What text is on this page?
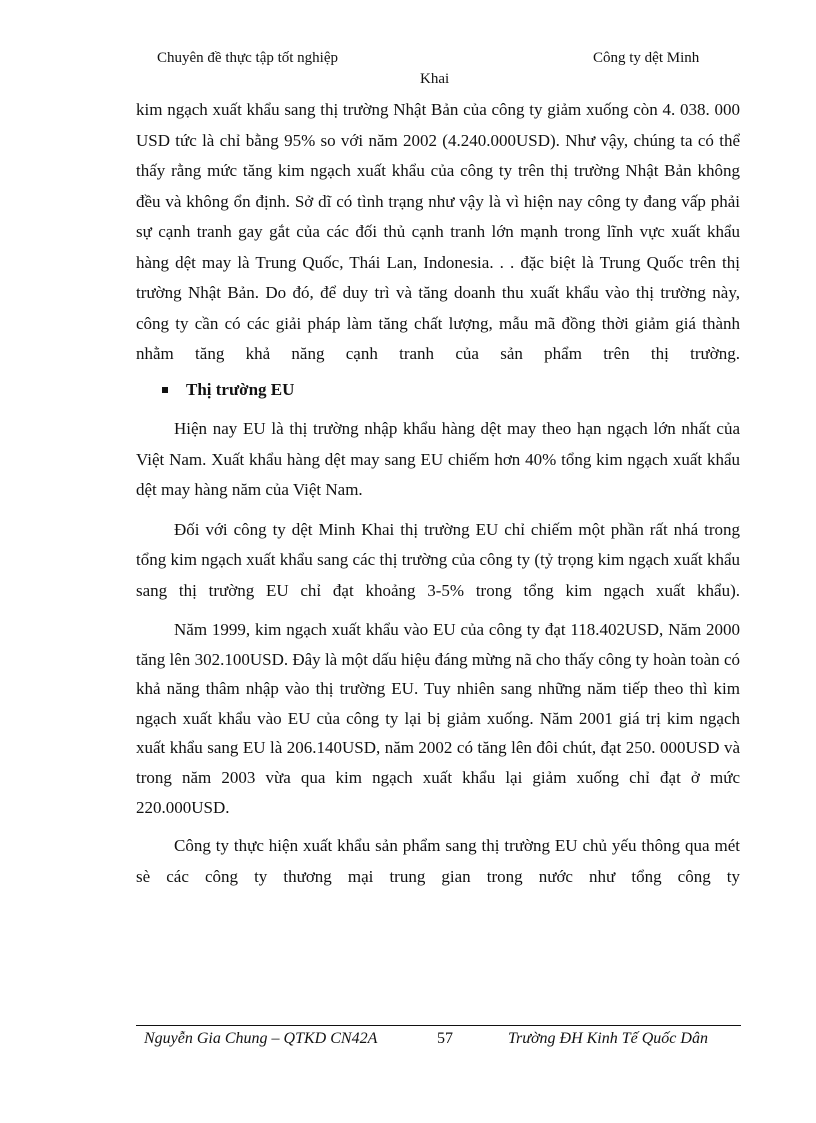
Chuyên đề thực tập tốt nghiệp	Công ty dệt Minh
Khai

kim ngạch xuất khẩu sang thị trường Nhật Bản của công ty giảm xuống còn 4. 038. 000 USD tức là chỉ bằng 95% so với năm 2002 (4.240.000USD). Như vậy, chúng ta có thể thấy rằng mức tăng kim ngạch xuất khẩu của công ty trên thị trường Nhật Bản không đều và không ổn định. Sở dĩ có tình trạng như vậy là vì hiện nay công ty đang vấp phải sự cạnh tranh gay gắt của các đối thủ cạnh tranh lớn mạnh trong lĩnh vực xuất khẩu hàng dệt may là Trung Quốc, Thái Lan, Indonesia. . . đặc biệt là Trung Quốc trên thị trường Nhật Bản. Do đó, để duy trì và tăng doanh thu xuất khẩu vào thị trường này, công ty cần có các giải pháp làm tăng chất lượng, mẫu mã đồng thời giảm giá thành nhằm tăng khả năng cạnh tranh của sản phẩm trên thị trường.

Thị trường EU

Hiện nay EU là thị trường nhập khẩu hàng dệt may theo hạn ngạch lớn nhất của Việt Nam. Xuất khẩu hàng dệt may sang EU chiếm hơn 40% tổng kim ngạch xuất khẩu dệt may hàng năm của Việt Nam.

Đối với công ty dệt Minh Khai thị trường EU chỉ chiếm một phần rất nhá trong tổng kim ngạch xuất khẩu sang các thị trường của công ty (tỷ trọng kim ngạch xuất khẩu sang thị trường EU chỉ đạt khoảng 3-5% trong tổng kim ngạch xuất khẩu).

Năm 1999, kim ngạch xuất khẩu vào EU của công ty đạt 118.402USD, Năm 2000 tăng lên 302.100USD. Đây là một dấu hiệu đáng mừng nã cho thấy công ty hoàn toàn có khả năng thâm nhập vào thị trường EU. Tuy nhiên sang những năm tiếp theo thì kim ngạch xuất khẩu vào EU của công ty lại bị giảm xuống. Năm 2001 giá trị kim ngạch xuất khẩu sang EU là 206.140USD, năm 2002 có tăng lên đôi chút, đạt 250. 000USD và trong năm 2003 vừa qua kim ngạch xuất khẩu lại giảm xuống chỉ đạt ở mức 220.000USD.

Công ty thực hiện xuất khẩu sản phẩm sang thị trường EU chủ yếu thông qua mét sè các công ty thương mại trung gian trong nước như tổng công ty

Nguyễn Gia Chung – QTKD CN42A	57	Trường ĐH Kinh Tế Quốc Dân
